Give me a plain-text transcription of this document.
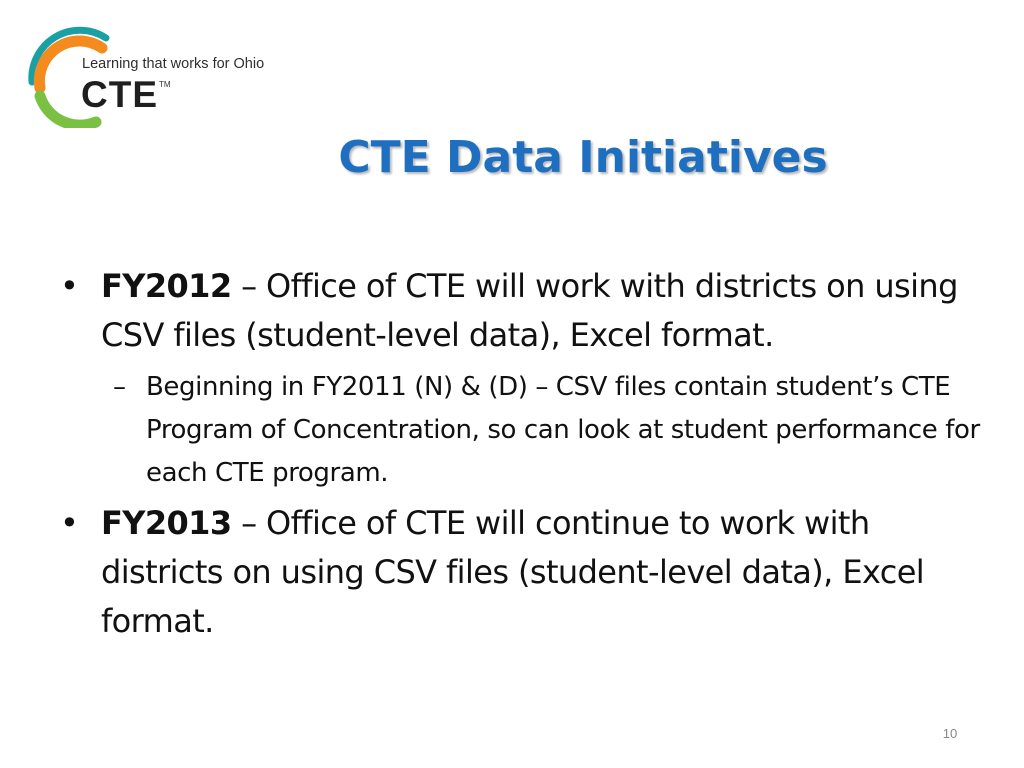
Learning that works for Ohio
CTE TM
CTE Data Initiatives
• FY2012 – Office of CTE will work with districts on using CSV files (student-level data), Excel format.
– Beginning in FY2011 (N) & (D) – CSV files contain student’s CTE Program of Concentration, so can look at student performance for each CTE program.
• FY2013 – Office of CTE will continue to work with districts on using CSV files (student-level data), Excel format.
10
